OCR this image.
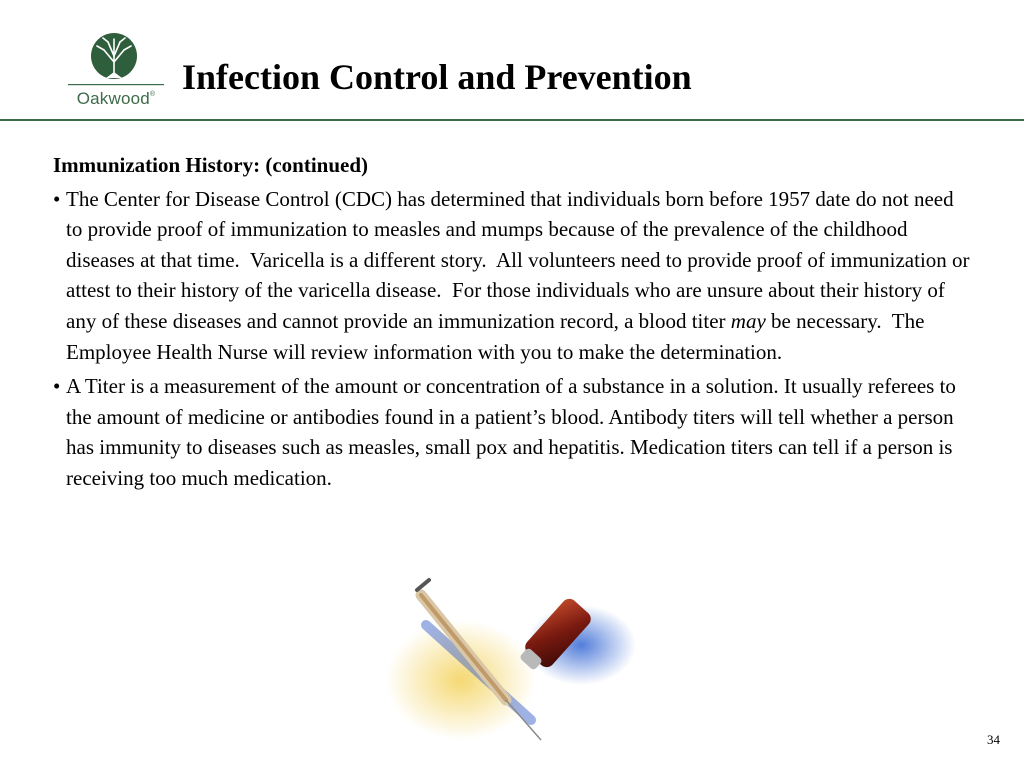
Oakwood® Infection Control and Prevention
Immunization History: (continued)
• The Center for Disease Control (CDC) has determined that individuals born before 1957 date do not need to provide proof of immunization to measles and mumps because of the prevalence of the childhood diseases at that time.  Varicella is a different story.  All volunteers need to provide proof of immunization or attest to their history of the varicella disease.  For those individuals who are unsure about their history of any of these diseases and cannot provide an immunization record, a blood titer may be necessary.  The Employee Health Nurse will review information with you to make the determination.
• A Titer is a measurement of the amount or concentration of a substance in a solution. It usually referees to the amount of medicine or antibodies found in a patient’s blood. Antibody titers will tell whether a person has immunity to diseases such as measles, small pox and hepatitis. Medication titers can tell if a person is receiving too much medication.
34
